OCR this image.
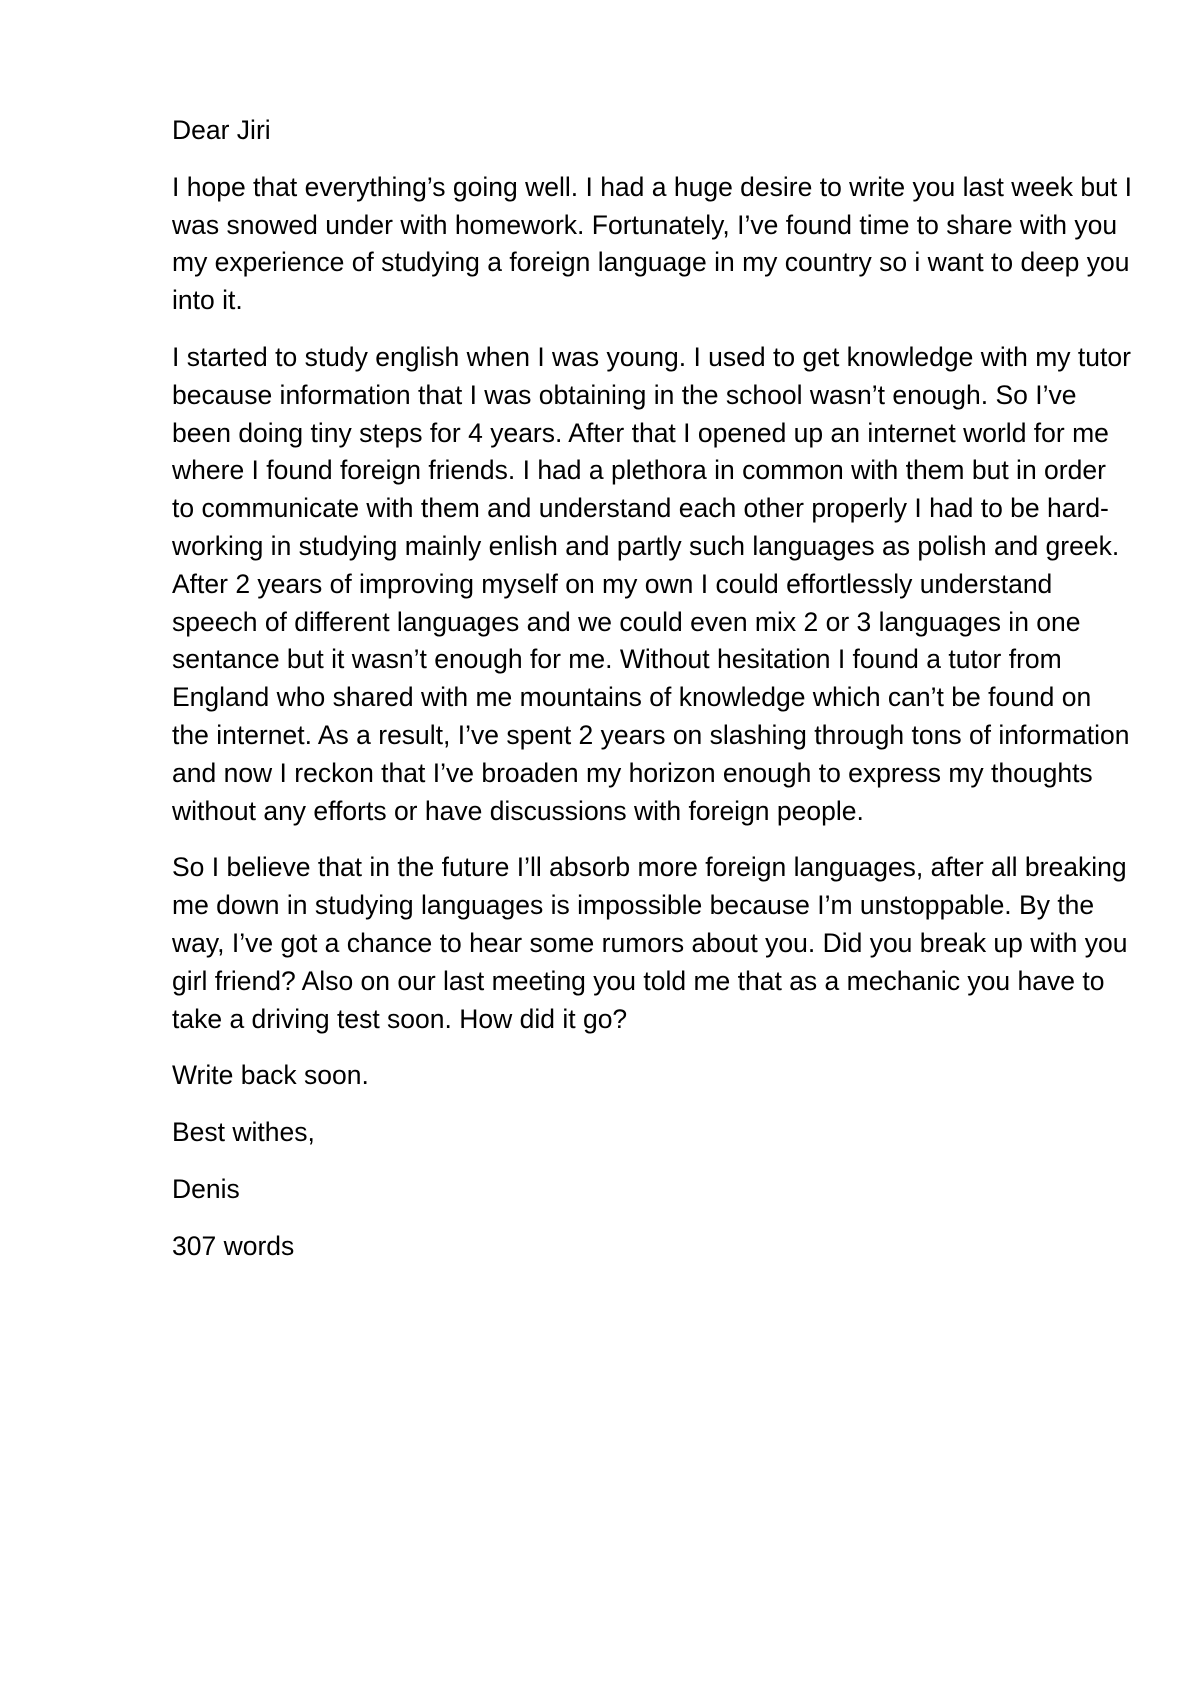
Dear Jiri

I hope that everything’s going well. I had a huge desire to write you last week but I was snowed under with homework. Fortunately, I’ve found time to share with you my experience of studying a foreign language in my country so i want to deep you into it.

I started to study english when I was young. I used to get knowledge with my tutor because information that I was obtaining in the school wasn’t enough. So I’ve been doing tiny steps for 4 years. After that I opened up an internet world for me where I found foreign friends. I had a plethora in common with them but in order to communicate with them and understand each other properly I had to be hard-working in studying mainly enlish and partly such languages as polish and greek. After 2 years of improving myself on my own I could effortlessly understand speech of different languages and we could even mix 2 or 3 languages in one sentance but it wasn’t enough for me. Without hesitation I found a tutor from England who shared with me mountains of knowledge which can’t be found on the internet. As a result, I’ve spent 2 years on slashing through tons of information and now I reckon that I’ve broaden my horizon enough to express my thoughts without any efforts or have discussions with foreign people.

So I believe that in the future I’ll absorb more foreign languages, after all breaking me down in studying languages is impossible because I’m unstoppable. By the way, I’ve got a chance to hear some rumors about you. Did you break up with you girl friend? Also on our last meeting you told me that as a mechanic you have to take a driving test soon. How did it go?

Write back soon.

Best withes,

Denis

307 words
